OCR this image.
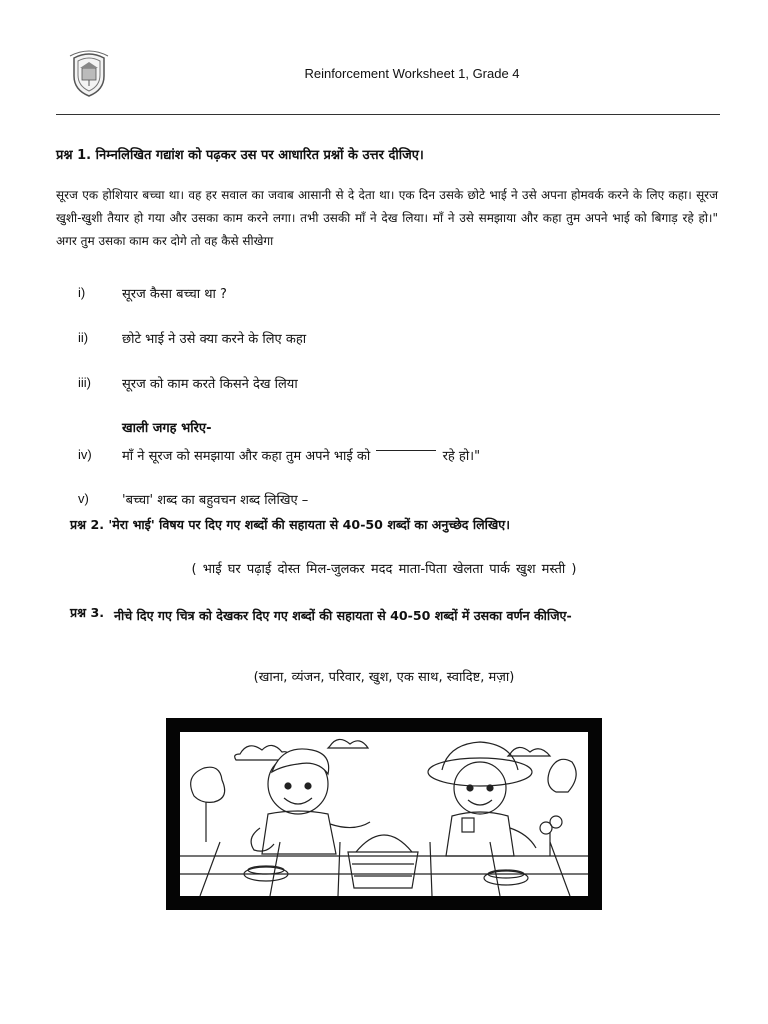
Reinforcement Worksheet 1, Grade 4
प्रश्न 1. निम्नलिखित गद्यांश को पढ़कर उस पर आधारित प्रश्नों के उत्तर दीजिए।
सूरज एक होशियार बच्चा था। वह हर सवाल का जवाब आसानी से दे देता था। एक दिन उसके छोटे भाई ने उसे अपना होमवर्क करने के लिए कहा। सूरज खुशी-खुशी तैयार हो गया और उसका काम करने लगा। तभी उसकी माँ ने देख लिया। माँ ने उसे समझाया और कहा तुम अपने भाई को बिगाड़ रहे हो।" अगर तुम उसका काम कर दोगे तो वह कैसे सीखेगा
i)	सूरज कैसा बच्चा था ?
ii)	छोटे भाई ने उसे क्या करने के लिए कहा
iii) सूरज को काम करते किसने देख लिया
खाली जगह भरिए-
iv) माँ ने सूरज को समझाया और कहा तुम अपने भाई को	रहे हो।"
v)	'बच्चा' शब्द का बहुवचन शब्द लिखिए –
प्रश्न 2. 'मेरा भाई' विषय पर दिए गए शब्दों की सहायता से 40-50 शब्दों का अनुच्छेद लिखिए।
( भाई घर पढ़ाई दोस्त मिल-जुलकर मदद माता-पिता खेलता पार्क खुश मस्ती )
प्रश्न 3. नीचे दिए गए चित्र को देखकर दिए गए शब्दों की सहायता से 40-50 शब्दों में उसका वर्णन कीजिए-
(खाना, व्यंजन, परिवार, खुश, एक साथ, स्वादिष्ट, मज़ा)
